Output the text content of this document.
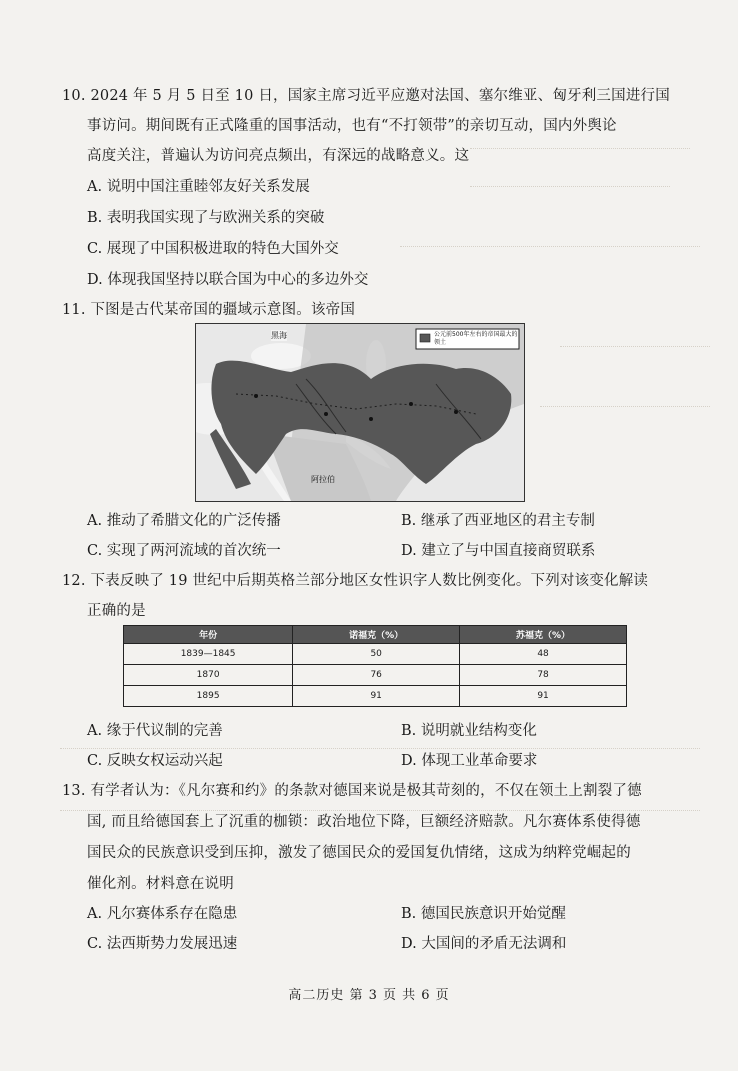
10. 2024 年 5 月 5 日至 10 日，国家主席习近平应邀对法国、塞尔维亚、匈牙利三国进行国
事访问。期间既有正式隆重的国事活动，也有“不打领带”的亲切互动，国内外舆论
高度关注，普遍认为访问亮点频出，有深远的战略意义。这
A. 说明中国注重睦邻友好关系发展
B. 表明我国实现了与欧洲关系的突破
C. 展现了中国积极进取的特色大国外交
D. 体现我国坚持以联合国为中心的多边外交
11. 下图是古代某帝国的疆域示意图。该帝国
公元前500年左右的帝国最大的领土
黑海
阿拉伯
A. 推动了希腊文化的广泛传播	B. 继承了西亚地区的君主专制
C. 实现了两河流域的首次统一	D. 建立了与中国直接商贸联系
12. 下表反映了 19 世纪中后期英格兰部分地区女性识字人数比例变化。下列对该变化解读
正确的是
年份	诺福克（%）	苏福克（%）
1839—1845	50	48
1870	76	78
1895	91	91
A. 缘于代议制的完善	B. 说明就业结构变化
C. 反映女权运动兴起	D. 体现工业革命要求
13. 有学者认为：《凡尔赛和约》的条款对德国来说是极其苛刻的，不仅在领土上割裂了德
国, 而且给德国套上了沉重的枷锁：政治地位下降，巨额经济赔款。凡尔赛体系使得德
国民众的民族意识受到压抑，激发了德国民众的爱国复仇情绪，这成为纳粹党崛起的
催化剂。材料意在说明
A. 凡尔赛体系存在隐患	B. 德国民族意识开始觉醒
C. 法西斯势力发展迅速	D. 大国间的矛盾无法调和
高二历史 第 3 页 共 6 页
